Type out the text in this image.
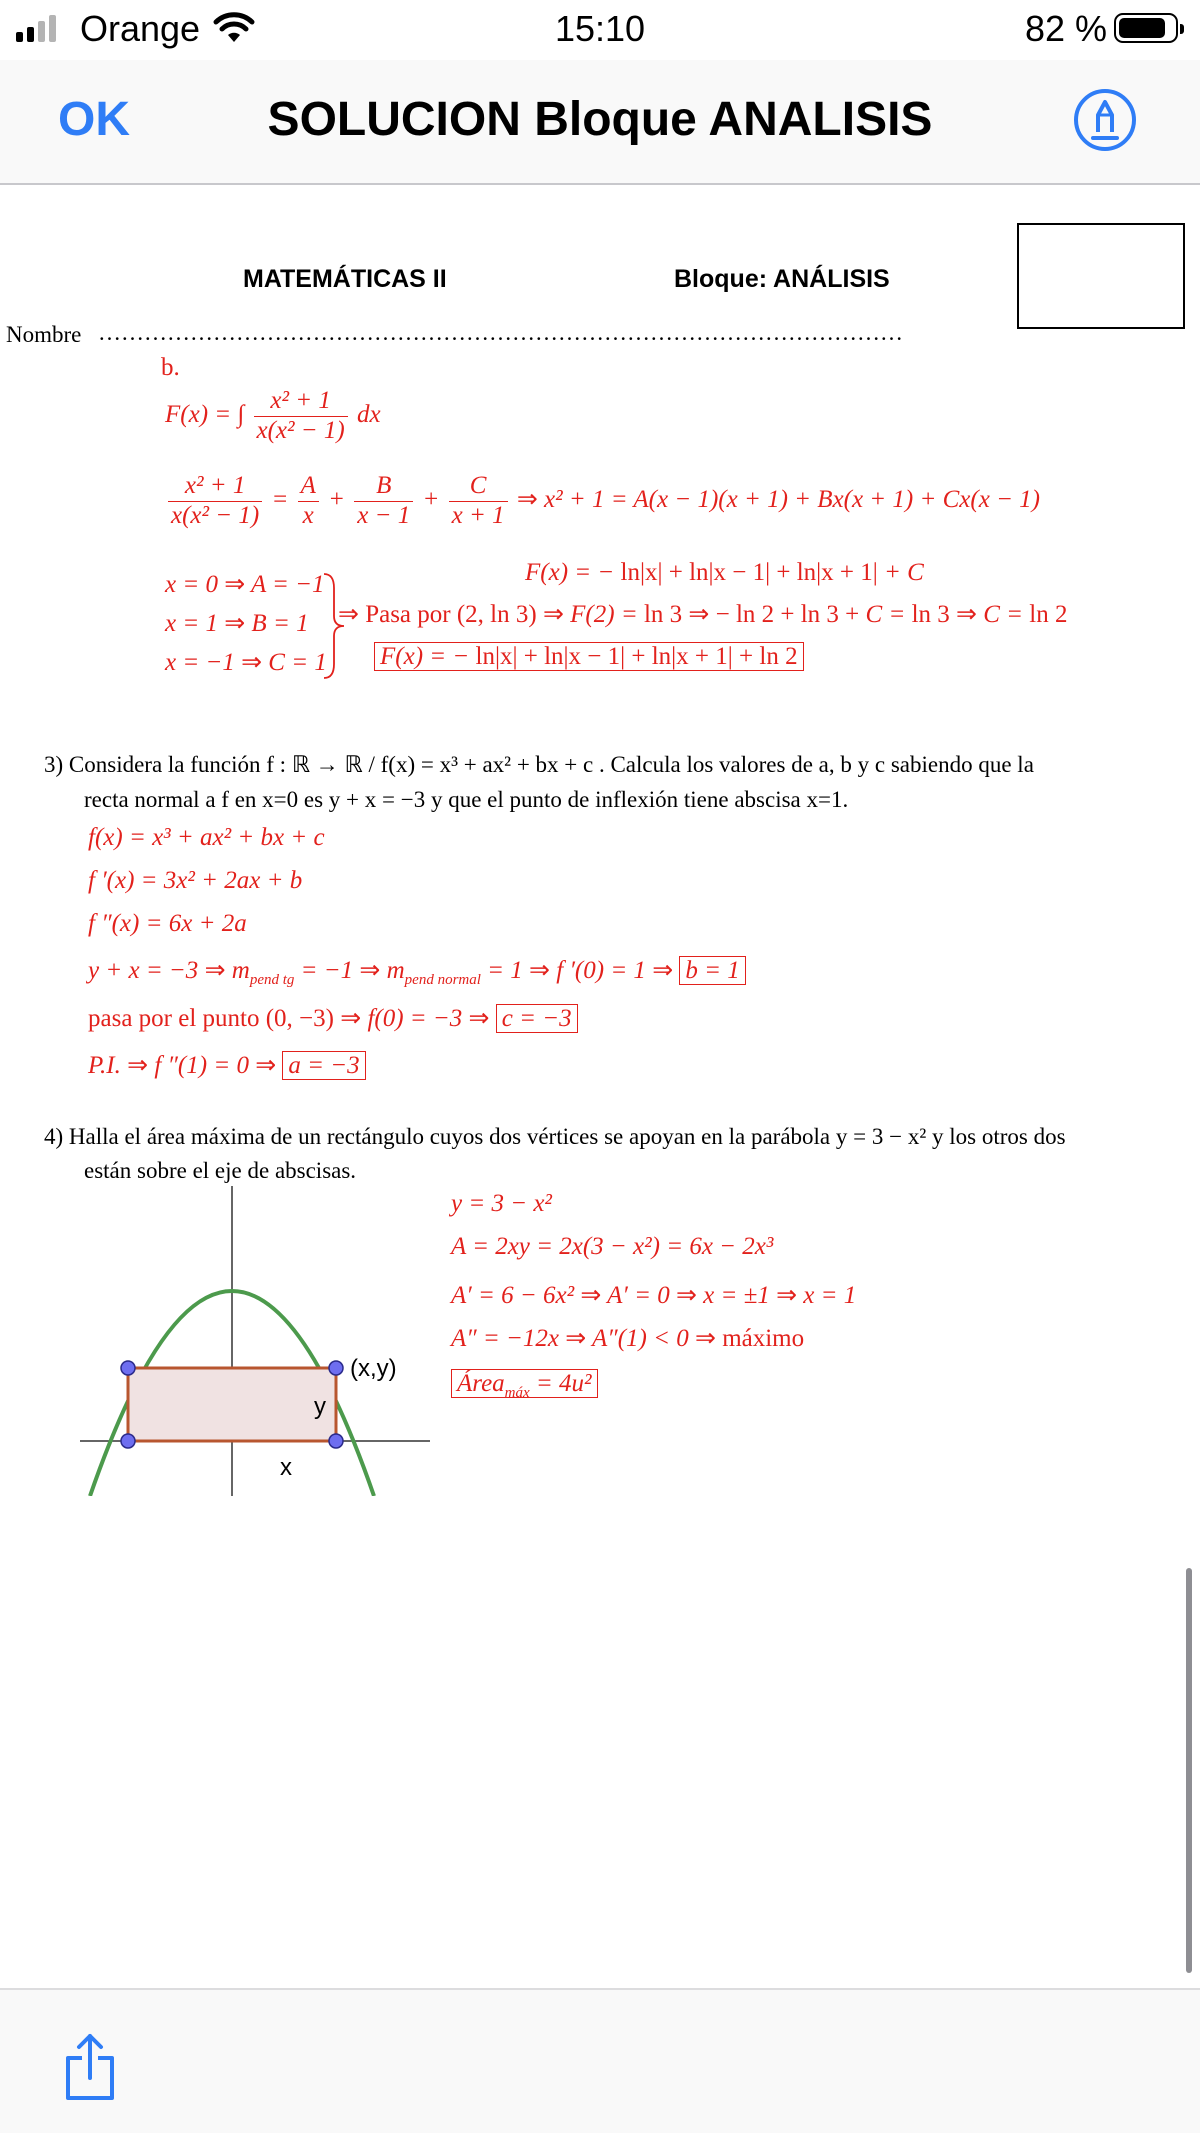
Orange	15:10	82 %
OK	SOLUCION Bloque ANALISIS
MATEMÁTICAS II	Bloque: ANÁLISIS
Nombre ……………………………………………………………………………………………
b.
F(x) = ∫ $\frac{\text{x² + 1}}{\text{x(x² − 1)}}$ dx
$\frac{\text{x² + 1}}{\text{x(x² − 1)}} = \frac{A}{x} + \frac{B}{x - 1} + \frac{C}{x + 1}$ ⇒ x² + 1 = A(x − 1)(x + 1) + Bx(x + 1) + Cx(x − 1)
x = 0 ⇒ A = −1
x = 1 ⇒ B = 1
x = −1 ⇒ C = 1
F(x) = − ln|x| + ln|x − 1| + ln|x + 1| + C
⇒ Pasa por (2, ln 3) ⇒ F(2) = ln 3 ⇒ − ln 2 + ln 3 + C = ln 3 ⇒ C = ln 2
F(x) = − ln|x| + ln|x − 1| + ln|x + 1| + ln 2
3) Considera la función f : ℝ → ℝ / f(x) = x³ + ax² + bx + c . Calcula los valores de a, b y c sabiendo que la
recta normal a f en x=0 es y + x = −3 y que el punto de inflexión tiene abscisa x=1.
f(x) = x³ + ax² + bx + c
f ′(x) = 3x² + 2ax + b
f ″(x) = 6x + 2a
y + x = −3 ⇒ $m_{pend tg} = -1$ ⇒ $m_{pend normal} = 1$ ⇒ f ′(0) = 1 ⇒ b = 1
pasa por el punto (0, −3) ⇒ f(0) = −3 ⇒ c = −3
P.I. ⇒ f ″(1) = 0 ⇒ a = −3
4) Halla el área máxima de un rectángulo cuyos dos vértices se apoyan en la parábola y = 3 − x² y los otros dos
están sobre el eje de abscisas.
(x,y)
y
x
y = 3 − x²
A = 2xy = 2x(3 − x²) = 6x − 2x³
A′ = 6 − 6x² ⇒ A′ = 0 ⇒ x = ±1 ⇒ x = 1
A″ = −12x ⇒ A″(1) < 0 ⇒ máximo
Área$_{máx}$ = 4u²
